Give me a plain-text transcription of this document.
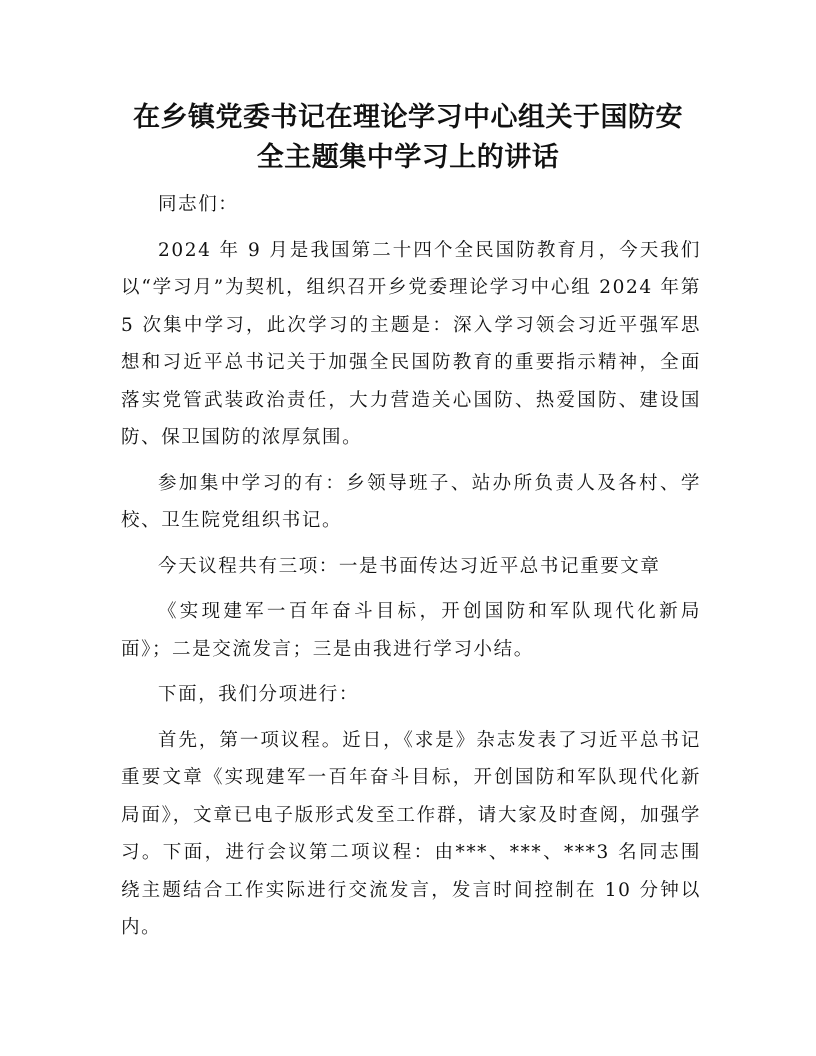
在乡镇党委书记在理论学习中心组关于国防安
全主题集中学习上的讲话

同志们：

2024 年 9 月是我国第二十四个全民国防教育月，今天我们以“学习月”为契机，组织召开乡党委理论学习中心组 2024 年第 5 次集中学习，此次学习的主题是：深入学习领会习近平强军思想和习近平总书记关于加强全民国防教育的重要指示精神，全面落实党管武装政治责任，大力营造关心国防、热爱国防、建设国防、保卫国防的浓厚氛围。

参加集中学习的有：乡领导班子、站办所负责人及各村、学校、卫生院党组织书记。

今天议程共有三项：一是书面传达习近平总书记重要文章

《实现建军一百年奋斗目标，开创国防和军队现代化新局面》；二是交流发言；三是由我进行学习小结。

下面，我们分项进行：

首先，第一项议程。近日，《求是》杂志发表了习近平总书记重要文章《实现建军一百年奋斗目标，开创国防和军队现代化新局面》，文章已电子版形式发至工作群，请大家及时查阅，加强学习。下面，进行会议第二项议程：由***、***、***3 名同志围绕主题结合工作实际进行交流发言，发言时间控制在 10 分钟以内。
